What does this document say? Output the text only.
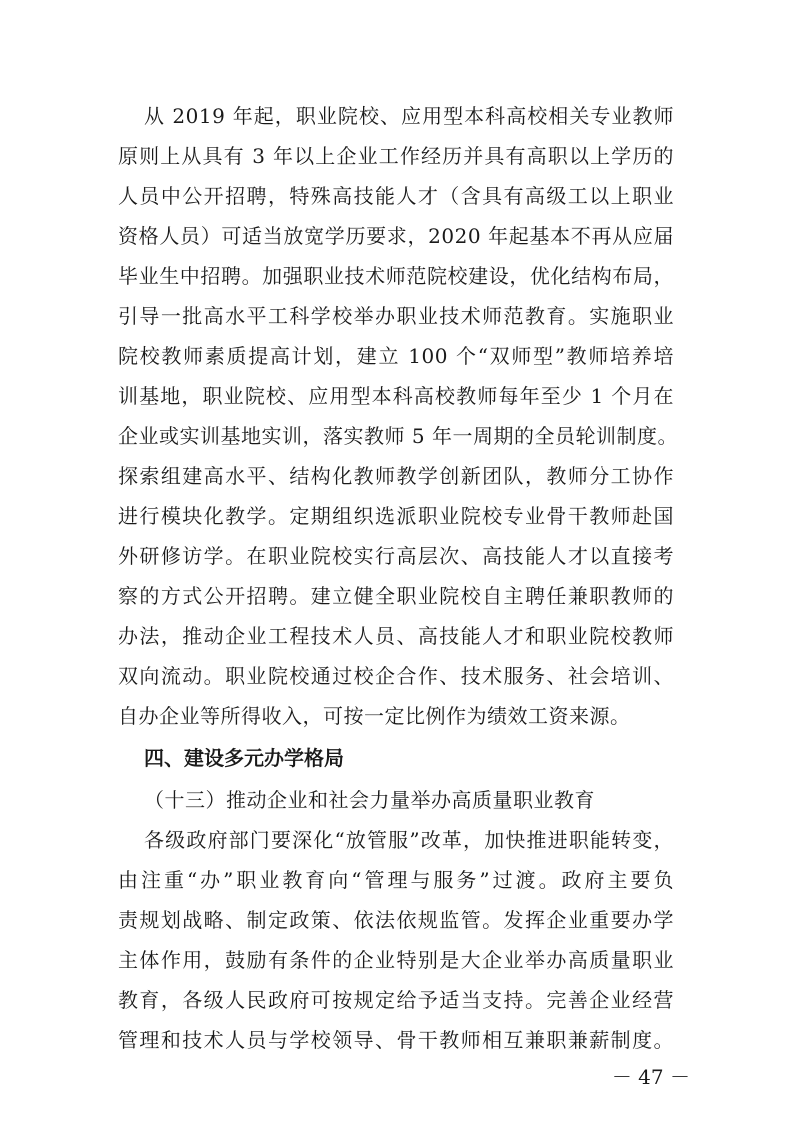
从 2019 年起，职业院校、应用型本科高校相关专业教师
原则上从具有 3 年以上企业工作经历并具有高职以上学历的
人员中公开招聘，特殊高技能人才（含具有高级工以上职业
资格人员）可适当放宽学历要求，2020 年起基本不再从应届
毕业生中招聘。加强职业技术师范院校建设，优化结构布局，
引导一批高水平工科学校举办职业技术师范教育。实施职业
院校教师素质提高计划，建立 100 个“双师型”教师培养培
训基地，职业院校、应用型本科高校教师每年至少 1 个月在
企业或实训基地实训，落实教师 5 年一周期的全员轮训制度。
探索组建高水平、结构化教师教学创新团队，教师分工协作
进行模块化教学。定期组织选派职业院校专业骨干教师赴国
外研修访学。在职业院校实行高层次、高技能人才以直接考
察的方式公开招聘。建立健全职业院校自主聘任兼职教师的
办法，推动企业工程技术人员、高技能人才和职业院校教师
双向流动。职业院校通过校企合作、技术服务、社会培训、
自办企业等所得收入，可按一定比例作为绩效工资来源。
四、建设多元办学格局
（十三）推动企业和社会力量举办高质量职业教育
各级政府部门要深化“放管服”改革，加快推进职能转变，
由注重“办”职业教育向“管理与服务”过渡。政府主要负
责规划战略、制定政策、依法依规监管。发挥企业重要办学
主体作用，鼓励有条件的企业特别是大企业举办高质量职业
教育，各级人民政府可按规定给予适当支持。完善企业经营
管理和技术人员与学校领导、骨干教师相互兼职兼薪制度。
－ 47 －
